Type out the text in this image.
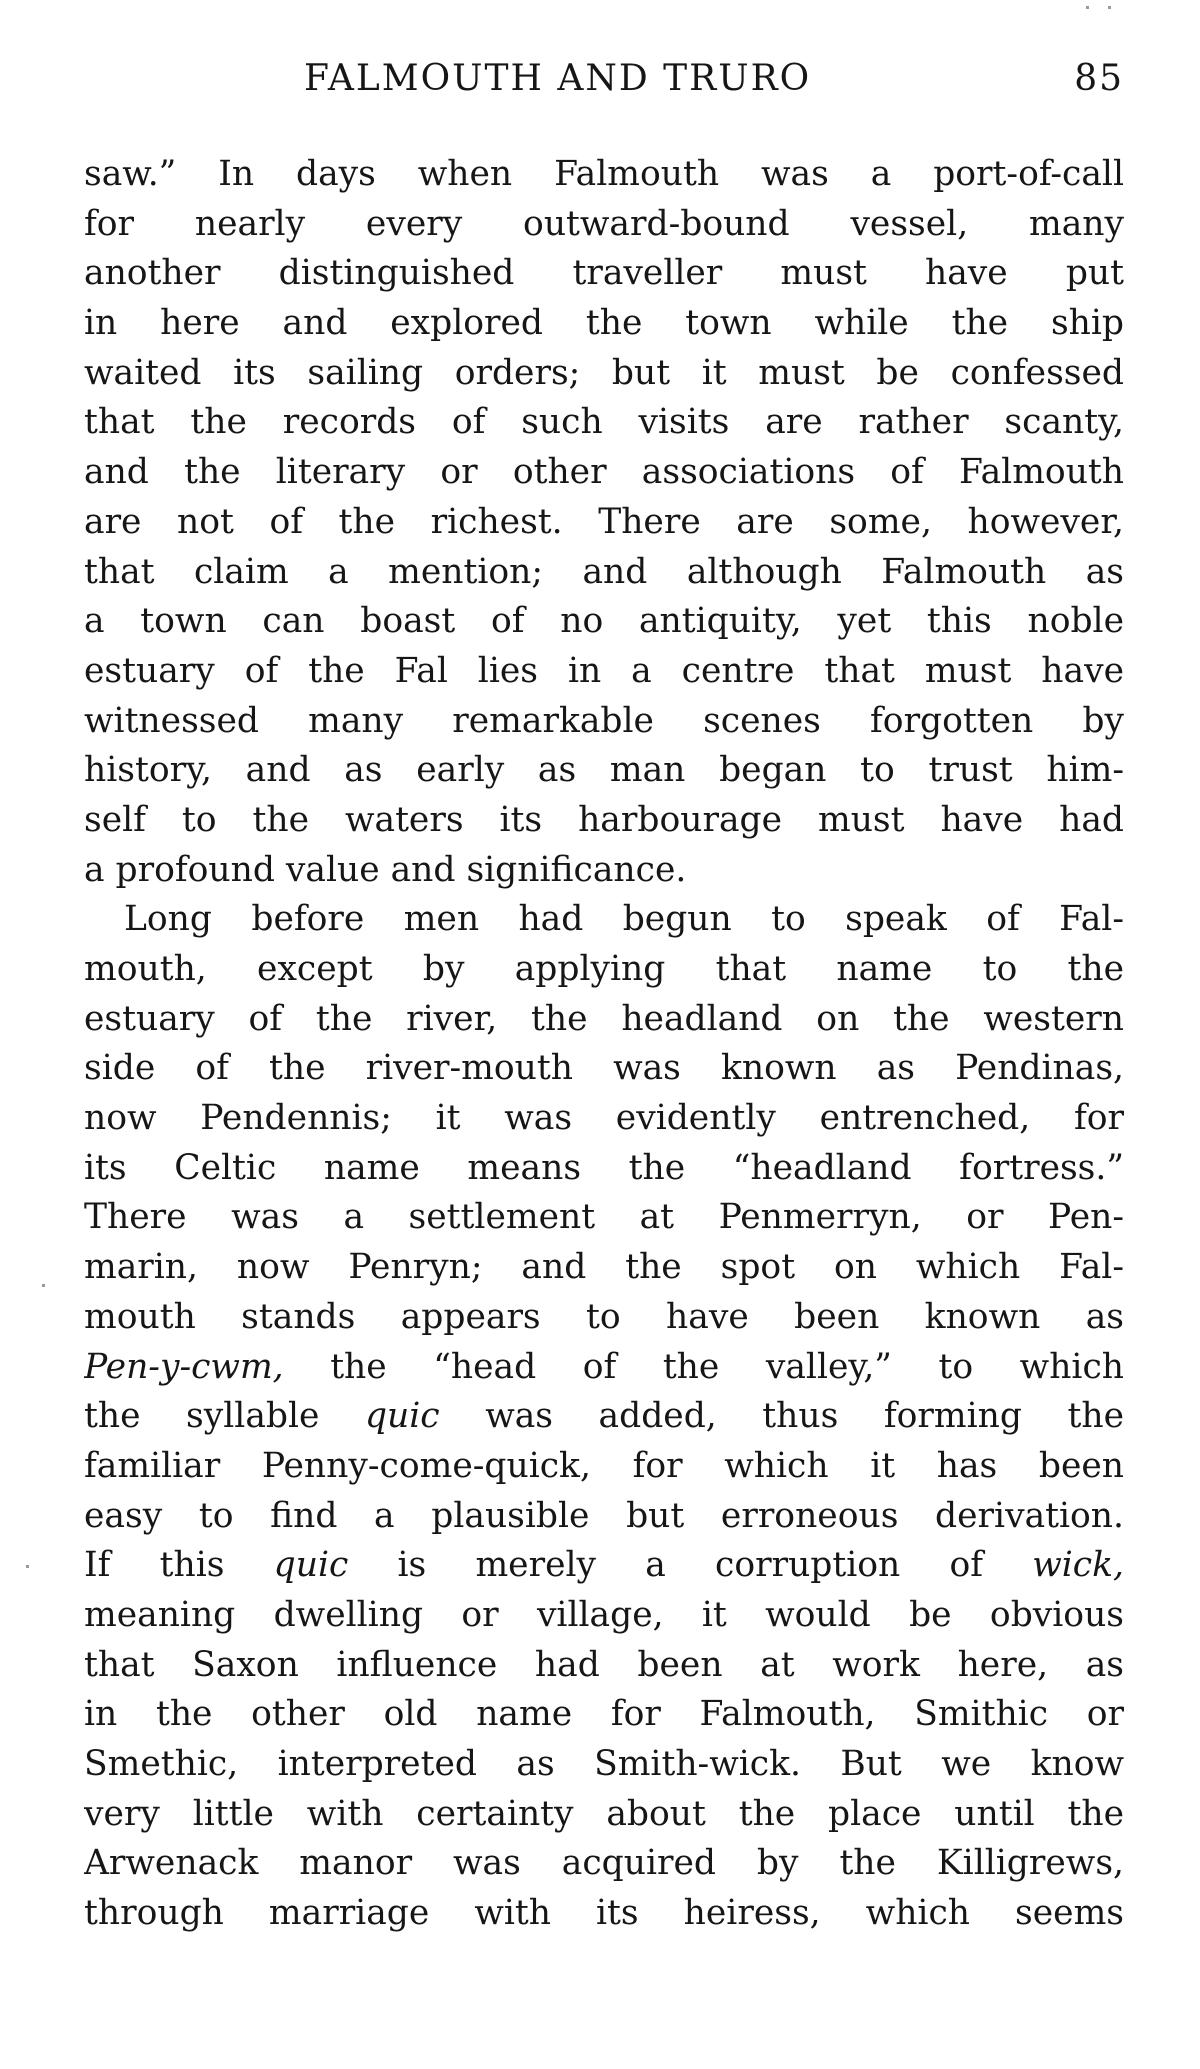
FALMOUTH AND TRURO	85
saw.” In days when Falmouth was a port-of-call
for nearly every outward-bound vessel, many
another distinguished traveller must have put
in here and explored the town while the ship
waited its sailing orders; but it must be confessed
that the records of such visits are rather scanty,
and the literary or other associations of Falmouth
are not of the richest. There are some, however,
that claim a mention; and although Falmouth as
a town can boast of no antiquity, yet this noble
estuary of the Fal lies in a centre that must have
witnessed many remarkable scenes forgotten by
history, and as early as man began to trust him-
self to the waters its harbourage must have had
a profound value and significance.
Long before men had begun to speak of Fal-
mouth, except by applying that name to the
estuary of the river, the headland on the western
side of the river-mouth was known as Pendinas,
now Pendennis; it was evidently entrenched, for
its Celtic name means the “headland fortress.”
There was a settlement at Penmerryn, or Pen-
marin, now Penryn; and the spot on which Fal-
mouth stands appears to have been known as
Pen-y-cwm, the “head of the valley,” to which
the syllable quic was added, thus forming the
familiar Penny-come-quick, for which it has been
easy to find a plausible but erroneous derivation.
If this quic is merely a corruption of wick,
meaning dwelling or village, it would be obvious
that Saxon influence had been at work here, as
in the other old name for Falmouth, Smithic or
Smethic, interpreted as Smith-wick. But we know
very little with certainty about the place until the
Arwenack manor was acquired by the Killigrews,
through marriage with its heiress, which seems
